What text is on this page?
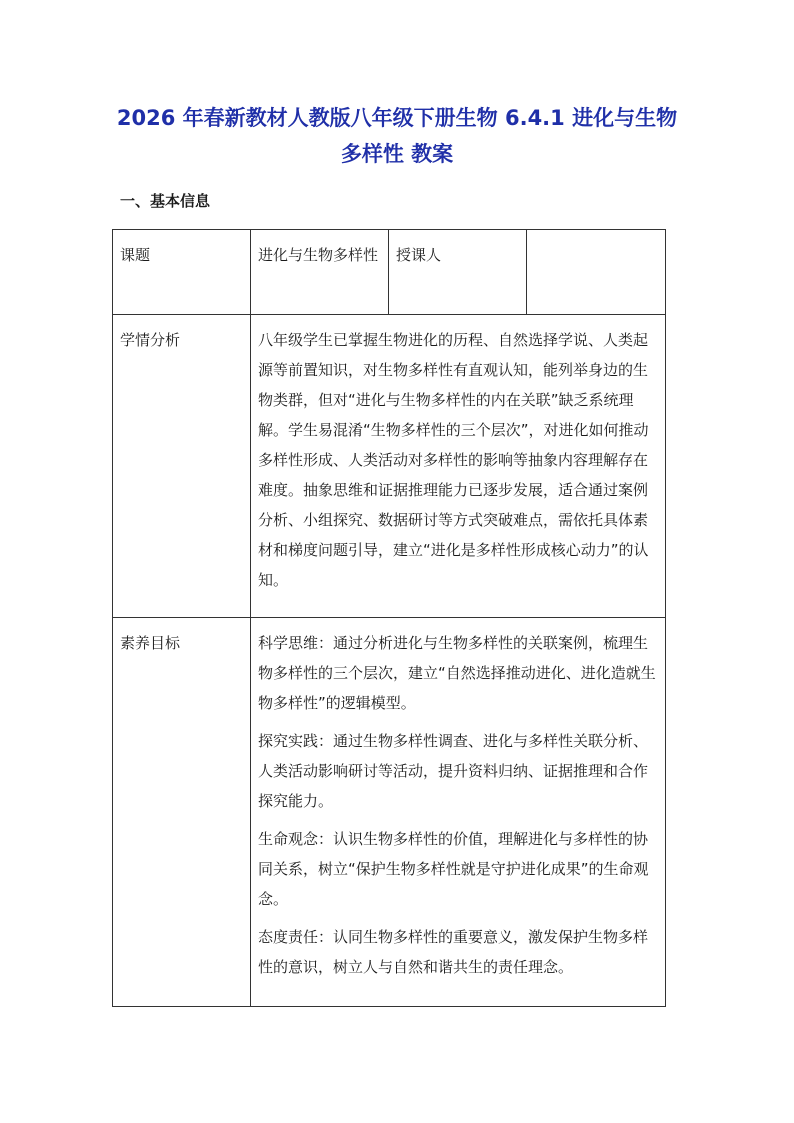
2026 年春新教材人教版八年级下册生物 6.4.1 进化与生物
多样性 教案
一、基本信息
课题	进化与生物多样性	授课人	
学情分析	八年级学生已掌握生物进化的历程、自然选择学说、人类起源等前置知识，对生物多样性有直观认知，能列举身边的生物类群，但对“进化与生物多样性的内在关联”缺乏系统理解。学生易混淆“生物多样性的三个层次”，对进化如何推动多样性形成、人类活动对多样性的影响等抽象内容理解存在难度。抽象思维和证据推理能力已逐步发展，适合通过案例分析、小组探究、数据研讨等方式突破难点，需依托具体素材和梯度问题引导，建立“进化是多样性形成核心动力”的认知。		
素养目标	科学思维：通过分析进化与生物多样性的关联案例，梳理生物多样性的三个层次，建立“自然选择推动进化、进化造就生物多样性”的逻辑模型。

探究实践：通过生物多样性调查、进化与多样性关联分析、人类活动影响研讨等活动，提升资料归纳、证据推理和合作探究能力。

生命观念：认识生物多样性的价值，理解进化与多样性的协同关系，树立“保护生物多样性就是守护进化成果”的生命观念。

态度责任：认同生物多样性的重要意义，激发保护生物多样性的意识，树立人与自然和谐共生的责任理念。		
